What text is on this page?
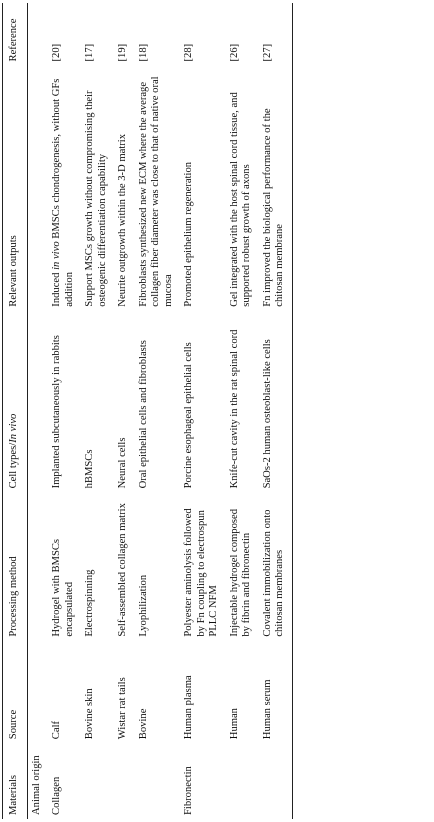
Materials	Source	Processing method	Cell types/In vivo	Relevant outputs	Reference
Animal origin					
Collagen	Calf	Hydrogel with BMSCs encapsulated	Implanted subcutaneously in rabbits	Induced in vivo BMSCs chondrogenesis, without GFs addition	[20]
	Bovine skin	Electrospinning	hBMSCs	Support MSCs growth without compromising their osteogenic differentiation capability	[17]
	Wistar rat tails	Self-assembled collagen matrix	Neural cells	Neurite outgrowth within the 3-D matrix	[19]
	Bovine	Lyophilization	Oral epithelial cells and fibroblasts	Fibroblasts synthesized new ECM where the average collagen fiber diameter was close to that of native oral mucosa	[18]
Fibronectin	Human plasma	Polyester aminolysis followed by Fn coupling to electrospun PLLC NFM	Porcine esophageal epithelial cells	Promoted epithelium regeneration	[28]
	Human	Injectable hydrogel composed by fibrin and fibronectin	Knife-cut cavity in the rat spinal cord	Gel integrated with the host spinal cord tissue, and supported robust growth of axons	[26]
	Human serum	Covalent immobilization onto chitosan membranes	SaOs-2 human osteoblast-like cells	Fn improved the biological performance of the chitosan membrane	[27]
